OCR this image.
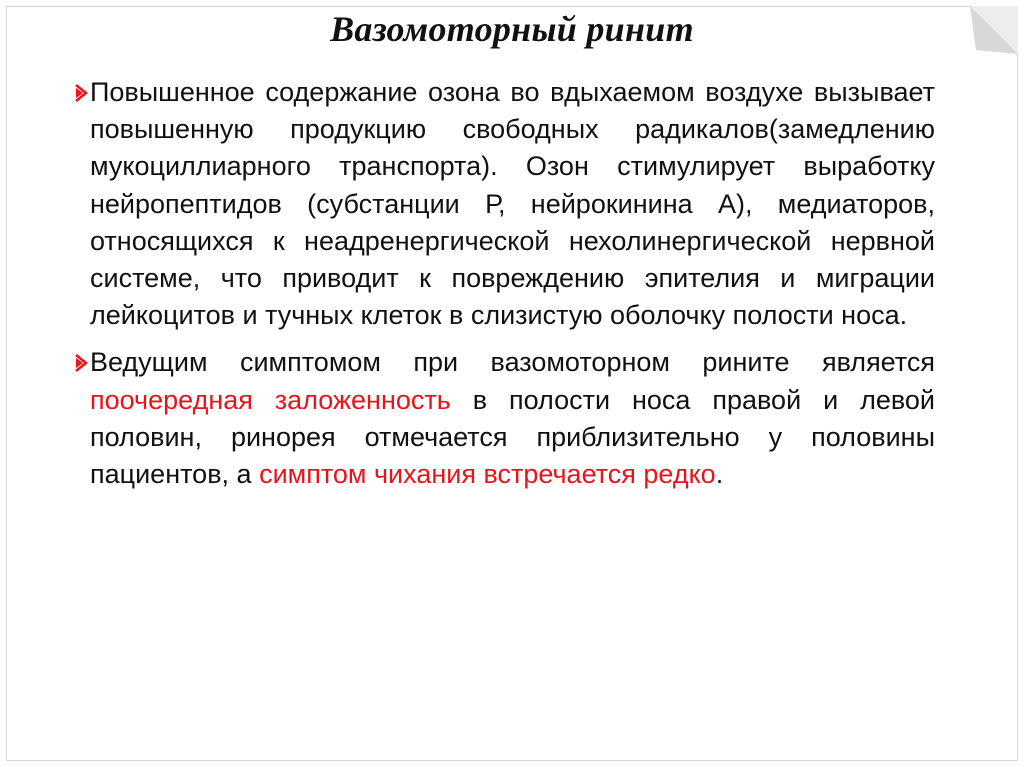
Вазомоторный ринит
Повышенное содержание озона во вдыхаемом воздухе вызывает повышенную продукцию свободных радикалов(замедлению мукоциллиарного транспорта). Озон стимулирует выработку нейропептидов (субстанции Р, нейрокинина А), медиаторов, относящихся к неадренергической нехолинергической нервной системе, что приводит к повреждению эпителия и миграции лейкоцитов и тучных клеток в слизистую оболочку полости носа.
Ведущим симптомом при вазомоторном рините является поочередная заложенность в полости носа правой и левой половин, ринорея отмечается приблизительно у половины пациентов, а симптом чихания встречается редко.
